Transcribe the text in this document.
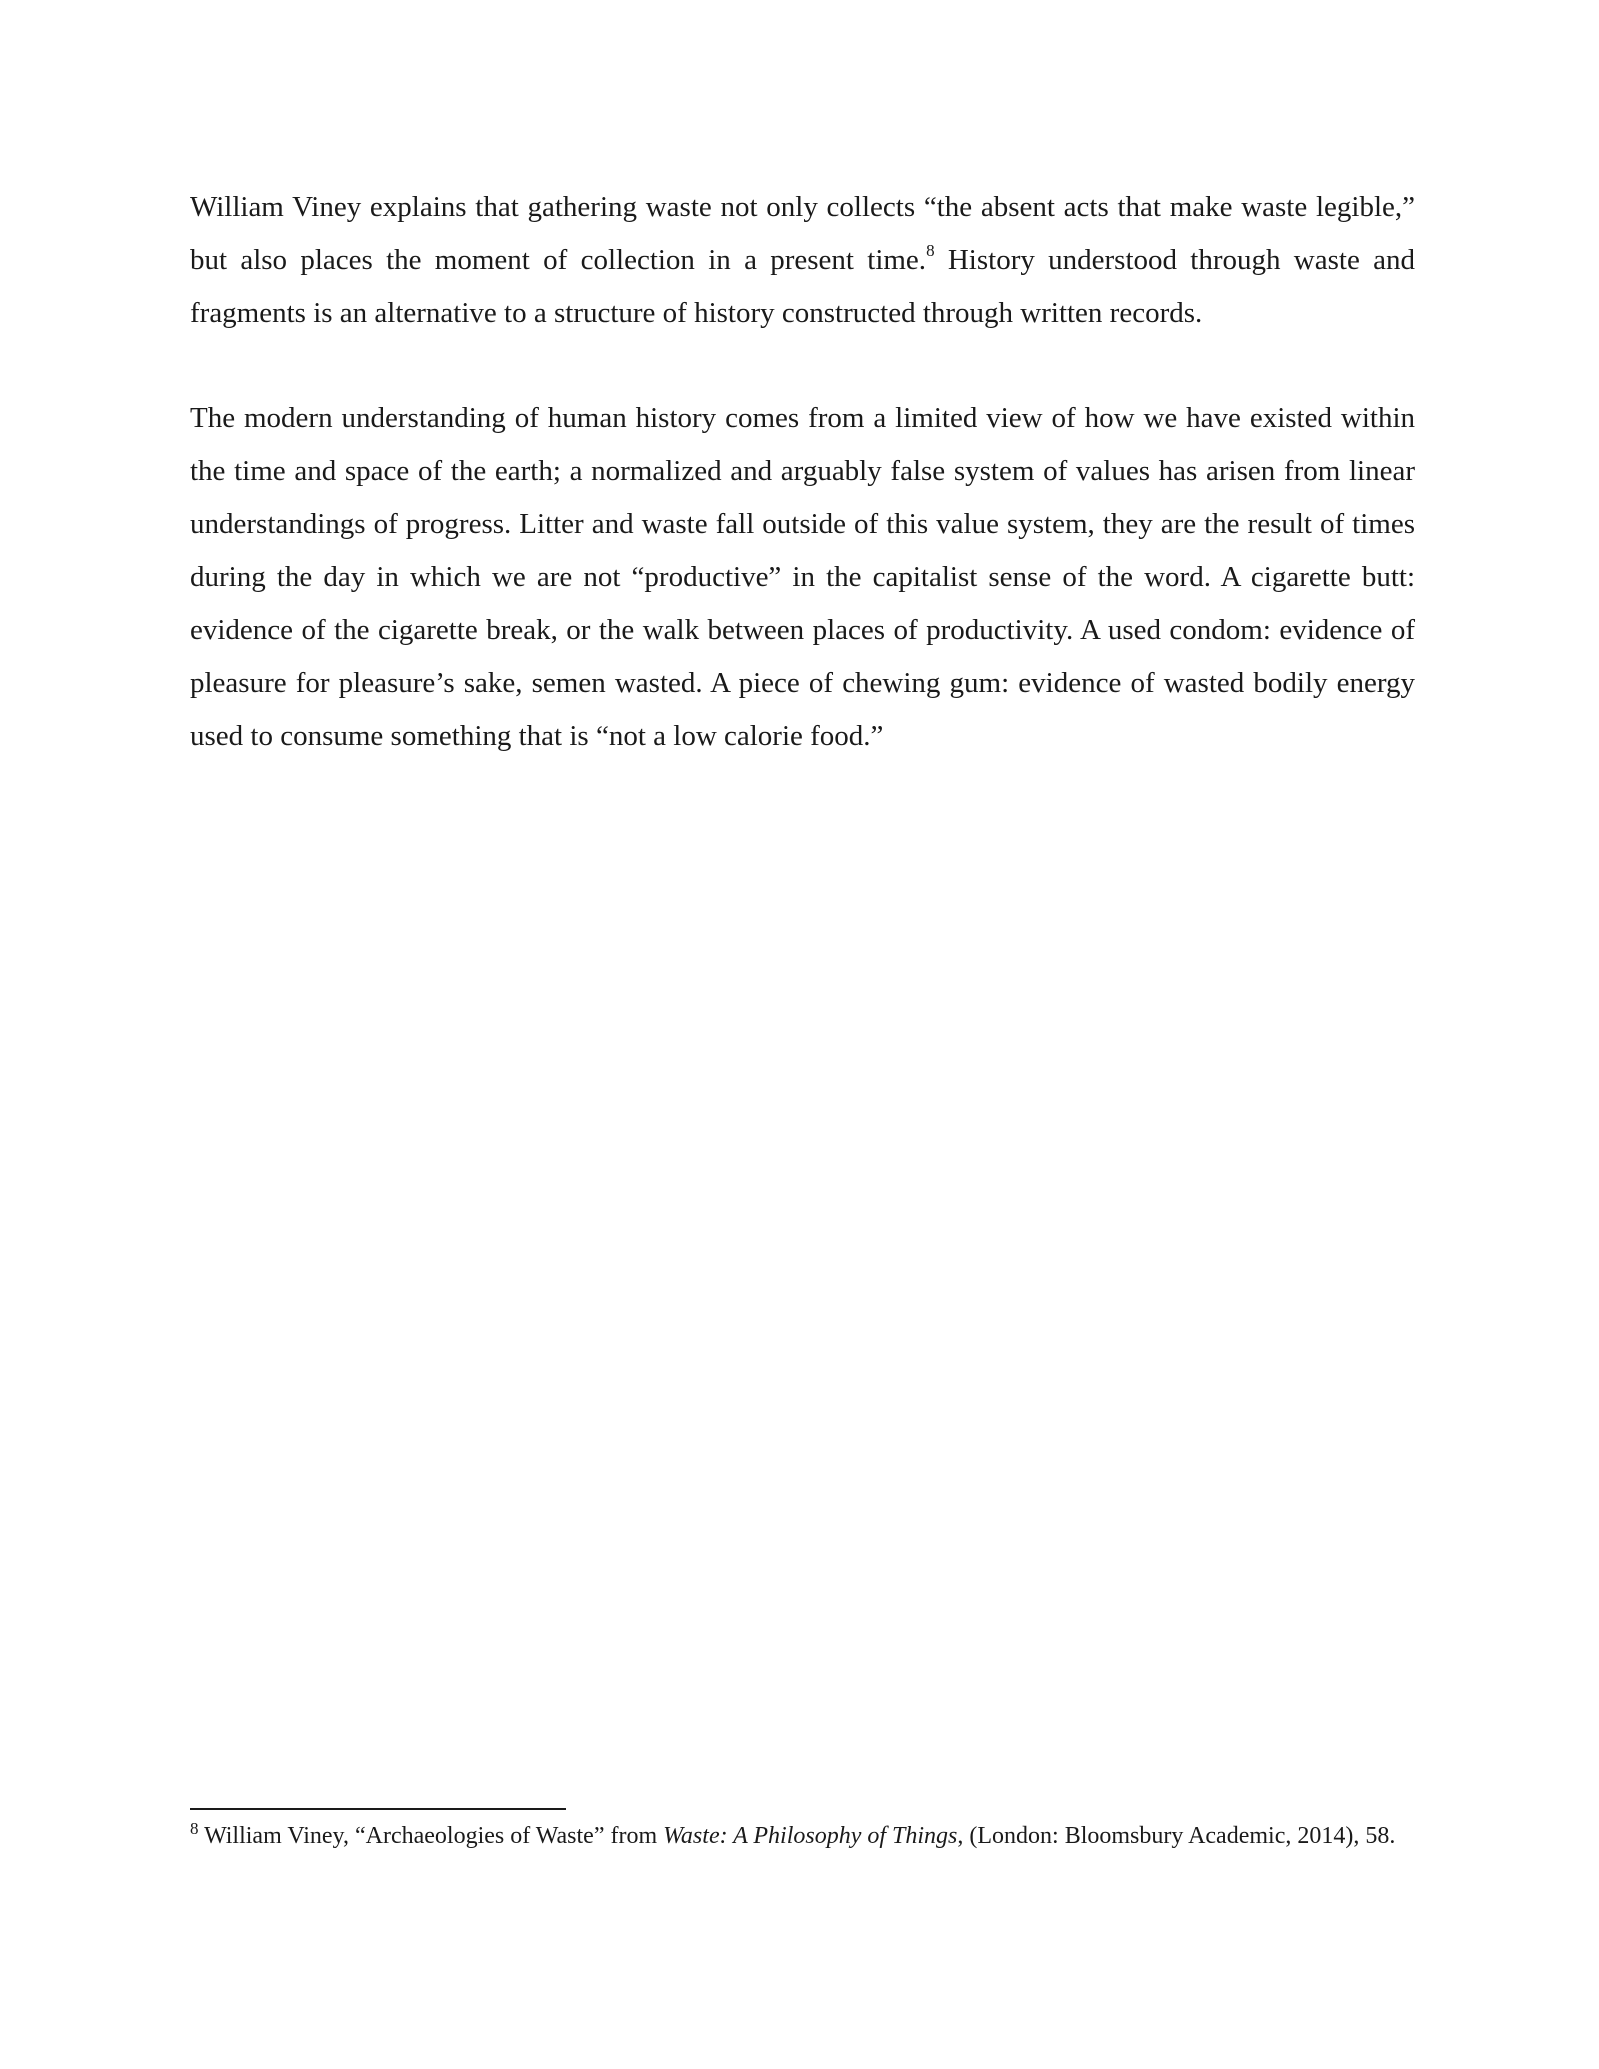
William Viney explains that gathering waste not only collects “the absent acts that make waste legible,” but also places the moment of collection in a present time.$^8$ History understood through waste and fragments is an alternative to a structure of history constructed through written records.

The modern understanding of human history comes from a limited view of how we have existed within the time and space of the earth; a normalized and arguably false system of values has arisen from linear understandings of progress. Litter and waste fall outside of this value system, they are the result of times during the day in which we are not “productive” in the capitalist sense of the word. A cigarette butt: evidence of the cigarette break, or the walk between places of productivity. A used condom: evidence of pleasure for pleasure’s sake, semen wasted. A piece of chewing gum: evidence of wasted bodily energy used to consume something that is “not a low calorie food.”

$^8$ William Viney, “Archaeologies of Waste” from Waste: A Philosophy of Things, (London: Bloomsbury Academic, 2014), 58.
